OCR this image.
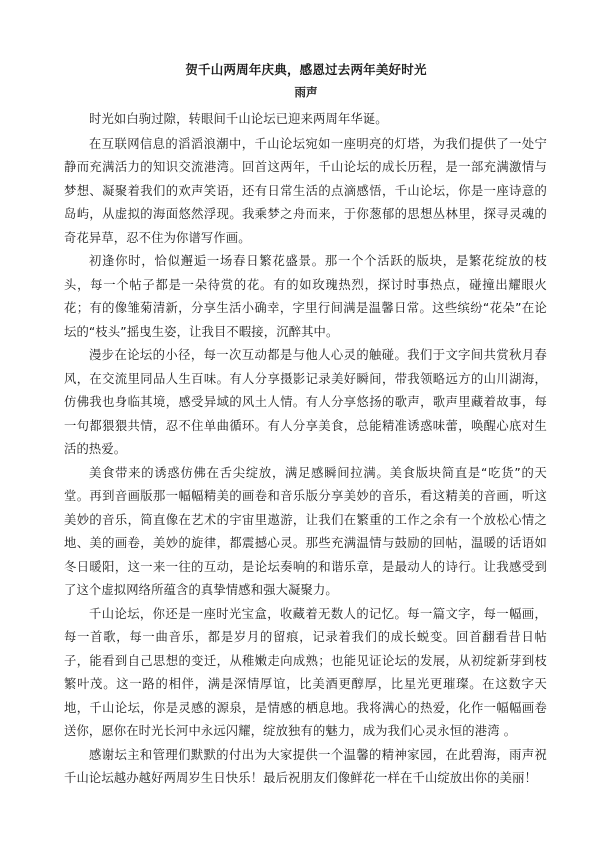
贺千山两周年庆典，感恩过去两年美好时光
雨声

时光如白驹过隙，转眼间千山论坛已迎来两周年华诞。

在互联网信息的滔滔浪潮中，千山论坛宛如一座明亮的灯塔，为我们提供了一处宁静而充满活力的知识交流港湾。回首这两年，千山论坛的成长历程，是一部充满激情与梦想、凝聚着我们的欢声笑语，还有日常生活的点滴感悟，千山论坛，你是一座诗意的岛屿，从虚拟的海面悠然浮现。我乘梦之舟而来，于你葱郁的思想丛林里，探寻灵魂的奇花异草，忍不住为你谱写作画。

初逢你时，恰似邂逅一场春日繁花盛景。那一个个活跃的版块，是繁花绽放的枝头，每一个帖子都是一朵待赏的花。有的如玫瑰热烈，探讨时事热点，碰撞出耀眼火花；有的像雏菊清新，分享生活小确幸，字里行间满是温馨日常。这些缤纷“花朵”在论坛的“枝头”摇曳生姿，让我目不暇接，沉醉其中。

漫步在论坛的小径，每一次互动都是与他人心灵的触碰。我们于文字间共赏秋月春风，在交流里同品人生百味。有人分享摄影记录美好瞬间，带我领略远方的山川湖海，仿佛我也身临其境，感受异域的风土人情。有人分享悠扬的歌声，歌声里藏着故事，每一句都猥猥共情，忍不住单曲循环。有人分享美食，总能精准诱惑味蕾，唤醒心底对生活的热爱。

美食带来的诱惑仿佛在舌尖绽放，满足感瞬间拉满。美食版块简直是“吃货”的天堂。再到音画版那一幅幅精美的画卷和音乐版分享美妙的音乐，看这精美的音画，听这美妙的音乐，简直像在艺术的宇宙里遨游，让我们在繁重的工作之余有一个放松心情之地、美的画卷，美妙的旋律，都震撼心灵。那些充满温情与鼓励的回帖，温暖的话语如冬日暖阳，这一来一往的互动，是论坛奏响的和谐乐章，是最动人的诗行。让我感受到了这个虚拟网络所蕴含的真挚情感和强大凝聚力。

千山论坛，你还是一座时光宝盒，收藏着无数人的记忆。每一篇文字，每一幅画，每一首歌，每一曲音乐，都是岁月的留痕，记录着我们的成长蜕变。回首翻看昔日帖子，能看到自己思想的变迁，从稚嫩走向成熟；也能见证论坛的发展，从初绽新芽到枝繁叶茂。这一路的相伴，满是深情厚谊，比美酒更醇厚，比星光更璀璨。在这数字天地，千山论坛，你是灵感的源泉，是情感的栖息地。我将满心的热爱，化作一幅幅画卷送你，愿你在时光长河中永远闪耀，绽放独有的魅力，成为我们心灵永恒的港湾 。

感谢坛主和管理们默默的付出为大家提供一个温馨的精神家园，在此碧海，雨声祝千山论坛越办越好两周岁生日快乐！最后祝朋友们像鲜花一样在千山绽放出你的美丽！
